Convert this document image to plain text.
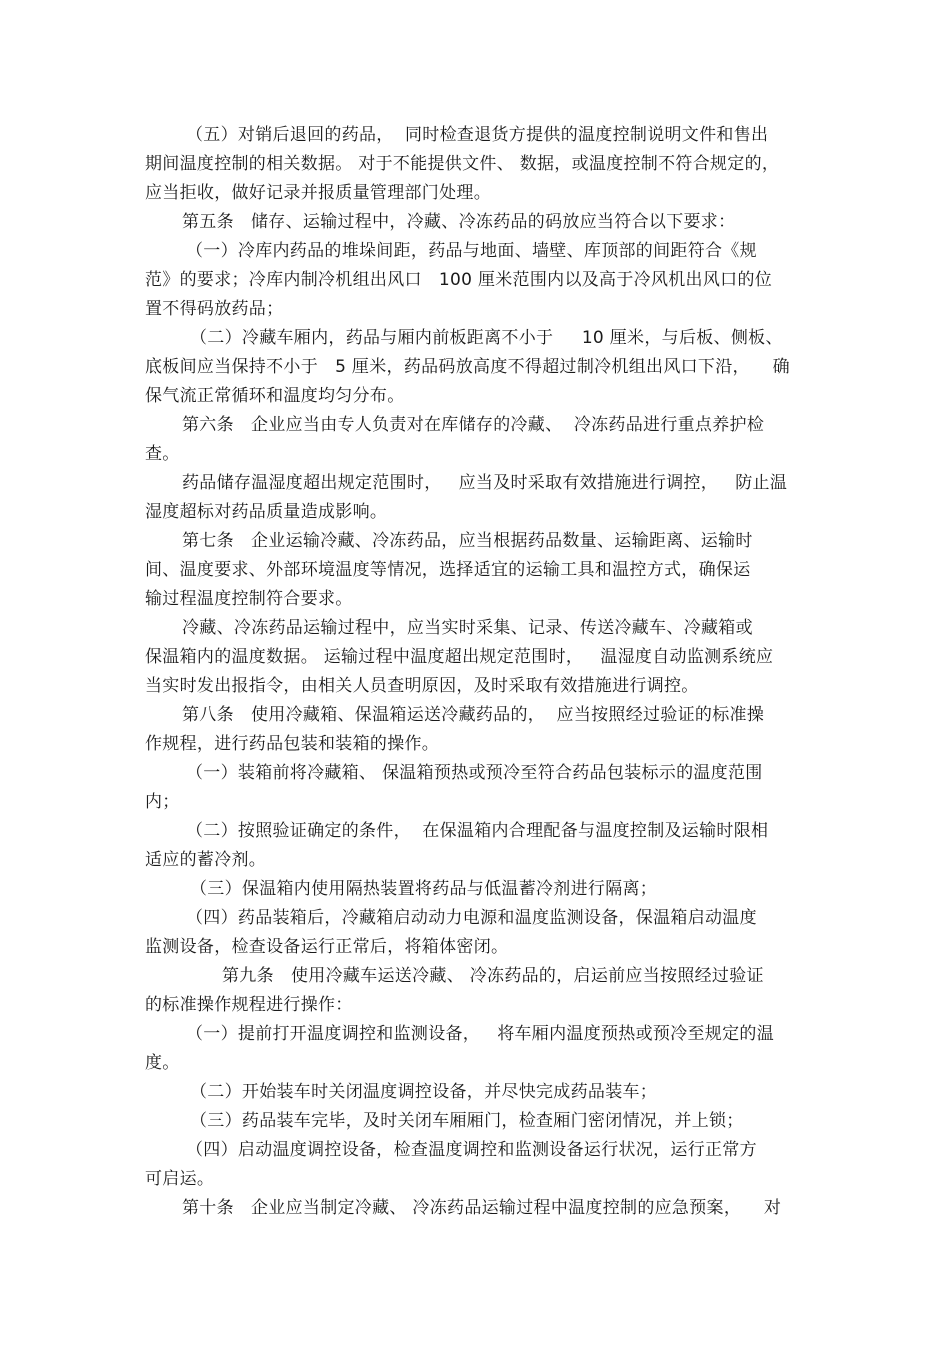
（五）对销后退回的药品，  同时检查退货方提供的温度控制说明文件和售出
期间温度控制的相关数据。 对于不能提供文件、 数据，或温度控制不符合规定的，
应当拒收，做好记录并报质量管理部门处理。
第五条   储存、运输过程中，冷藏、冷冻药品的码放应当符合以下要求：
（一）冷库内药品的堆垛间距，药品与地面、墙壁、库顶部的间距符合《规
范》的要求；冷库内制冷机组出风口   100 厘米范围内以及高于冷风机出风口的位
置不得码放药品；
（二）冷藏车厢内，药品与厢内前板距离不小于     10 厘米，与后板、侧板、
底板间应当保持不小于   5 厘米，药品码放高度不得超过制冷机组出风口下沿，    确
保气流正常循环和温度均匀分布。
第六条   企业应当由专人负责对在库储存的冷藏、  冷冻药品进行重点养护检
查。
药品储存温湿度超出规定范围时，   应当及时采取有效措施进行调控，   防止温
湿度超标对药品质量造成影响。
第七条   企业运输冷藏、冷冻药品，应当根据药品数量、运输距离、运输时
间、温度要求、外部环境温度等情况，选择适宜的运输工具和温控方式，确保运
输过程温度控制符合要求。
冷藏、冷冻药品运输过程中，应当实时采集、记录、传送冷藏车、冷藏箱或
保温箱内的温度数据。 运输过程中温度超出规定范围时，   温湿度自动监测系统应
当实时发出报指令，由相关人员查明原因，及时采取有效措施进行调控。
第八条   使用冷藏箱、保温箱运送冷藏药品的，  应当按照经过验证的标准操
作规程，进行药品包装和装箱的操作。
（一）装箱前将冷藏箱、 保温箱预热或预冷至符合药品包装标示的温度范围
内；
（二）按照验证确定的条件，  在保温箱内合理配备与温度控制及运输时限相
适应的蓄冷剂。
（三）保温箱内使用隔热装置将药品与低温蓄冷剂进行隔离；
（四）药品装箱后，冷藏箱启动动力电源和温度监测设备，保温箱启动温度
监测设备，检查设备运行正常后，将箱体密闭。
第九条   使用冷藏车运送冷藏、 冷冻药品的，启运前应当按照经过验证
的标准操作规程进行操作：
（一）提前打开温度调控和监测设备，   将车厢内温度预热或预冷至规定的温
度。
（二）开始装车时关闭温度调控设备，并尽快完成药品装车；
（三）药品装车完毕，及时关闭车厢厢门，检查厢门密闭情况，并上锁；
（四）启动温度调控设备，检查温度调控和监测设备运行状况，运行正常方
可启运。
第十条   企业应当制定冷藏、 冷冻药品运输过程中温度控制的应急预案，    对
